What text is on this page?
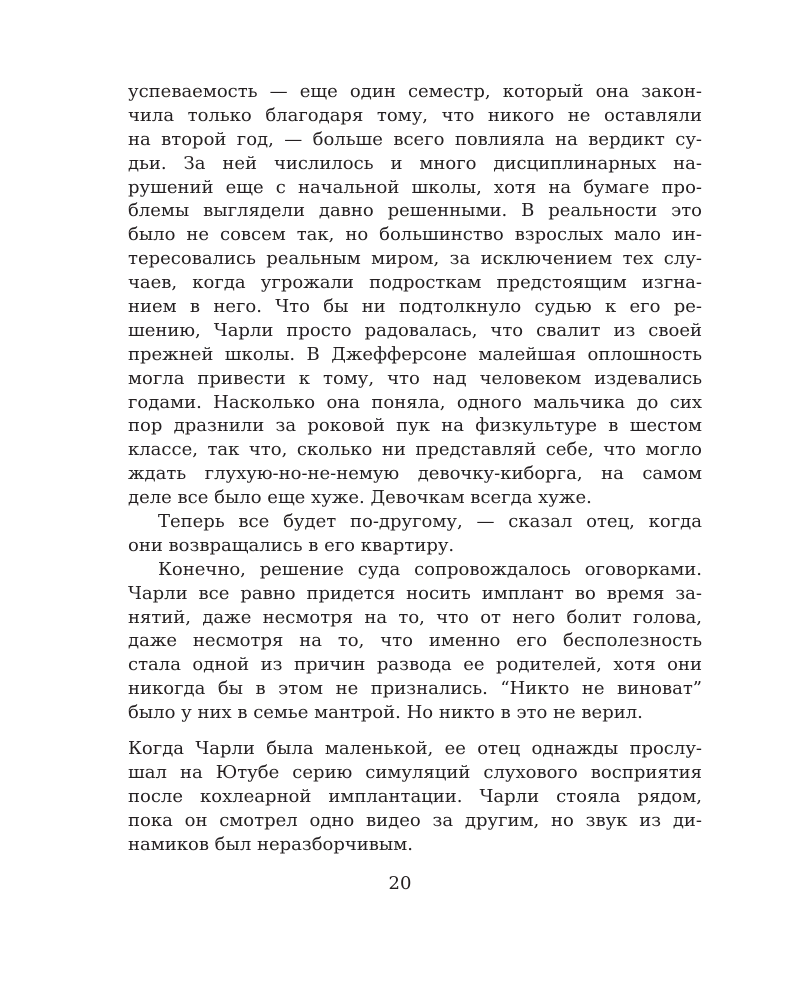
успеваемость — еще один семестр, который она закон-
чила только благодаря тому, что никого не оставляли
на второй год, — больше всего повлияла на вердикт су-
дьи. За ней числилось и много дисциплинарных на-
рушений еще с начальной школы, хотя на бумаге про-
блемы выглядели давно решенными. В реальности это
было не совсем так, но большинство взрослых мало ин-
тересовались реальным миром, за исключением тех слу-
чаев, когда угрожали подросткам предстоящим изгна-
нием в него. Что бы ни подтолкнуло судью к его ре-
шению, Чарли просто радовалась, что свалит из своей
прежней школы. В Джефферсоне малейшая оплошность
могла привести к тому, что над человеком издевались
годами. Насколько она поняла, одного мальчика до сих
пор дразнили за роковой пук на физкультуре в шестом
классе, так что, сколько ни представляй себе, что могло
ждать глухую-но-не-немую девочку-киборга, на самом
деле все было еще хуже. Девочкам всегда хуже.
Теперь все будет по-другому, — сказал отец, когда
они возвращались в его квартиру.
Конечно, решение суда сопровождалось оговорками.
Чарли все равно придется носить имплант во время за-
нятий, даже несмотря на то, что от него болит голова,
даже несмотря на то, что именно его бесполезность
стала одной из причин развода ее родителей, хотя они
никогда бы в этом не признались. “Никто не виноват”
было у них в семье мантрой. Но никто в это не верил.
Когда Чарли была маленькой, ее отец однажды прослу-
шал на Ютубе серию симуляций слухового восприятия
после кохлеарной имплантации. Чарли стояла рядом,
пока он смотрел одно видео за другим, но звук из ди-
намиков был неразборчивым.
20
